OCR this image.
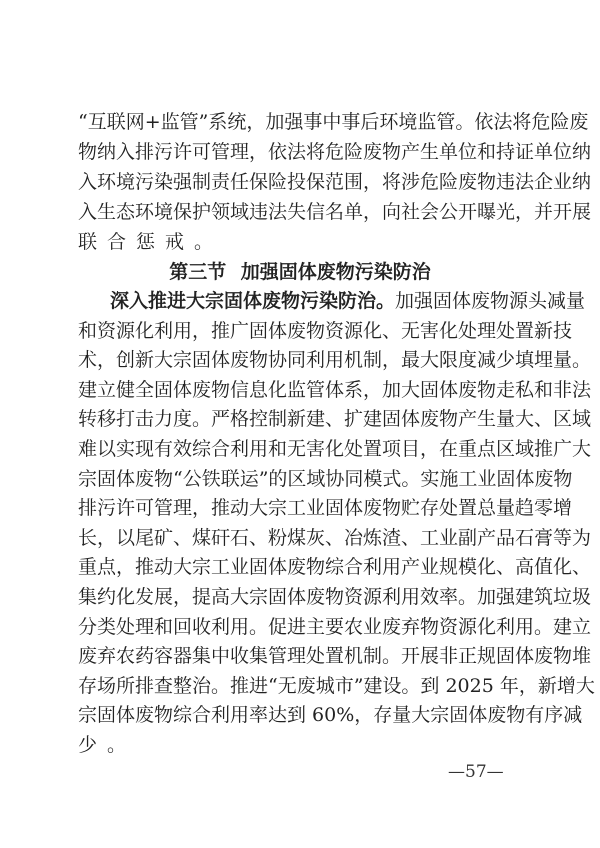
“互联网+监管”系统，加强事中事后环境监管。依法将危险废
物纳入排污许可管理，依法将危险废物产生单位和持证单位纳
入环境污染强制责任保险投保范围，将涉危险废物违法企业纳
入生态环境保护领域违法失信名单，向社会公开曝光，并开展
联合惩戒。
第三节 加强固体废物污染防治
深入推进大宗固体废物污染防治。加强固体废物源头减量
和资源化利用，推广固体废物资源化、无害化处理处置新技
术，创新大宗固体废物协同利用机制，最大限度减少填埋量。
建立健全固体废物信息化监管体系，加大固体废物走私和非法
转移打击力度。严格控制新建、扩建固体废物产生量大、区域
难以实现有效综合利用和无害化处置项目，在重点区域推广大
宗固体废物“公铁联运”的区域协同模式。实施工业固体废物
排污许可管理，推动大宗工业固体废物贮存处置总量趋零增
长，以尾矿、煤矸石、粉煤灰、冶炼渣、工业副产品石膏等为
重点，推动大宗工业固体废物综合利用产业规模化、高值化、
集约化发展，提高大宗固体废物资源利用效率。加强建筑垃圾
分类处理和回收利用。促进主要农业废弃物资源化利用。建立
废弃农药容器集中收集管理处置机制。开展非正规固体废物堆
存场所排查整治。推进“无废城市”建设。到 2025 年，新增大
宗固体废物综合利用率达到 60%，存量大宗固体废物有序减
少。
—57—
